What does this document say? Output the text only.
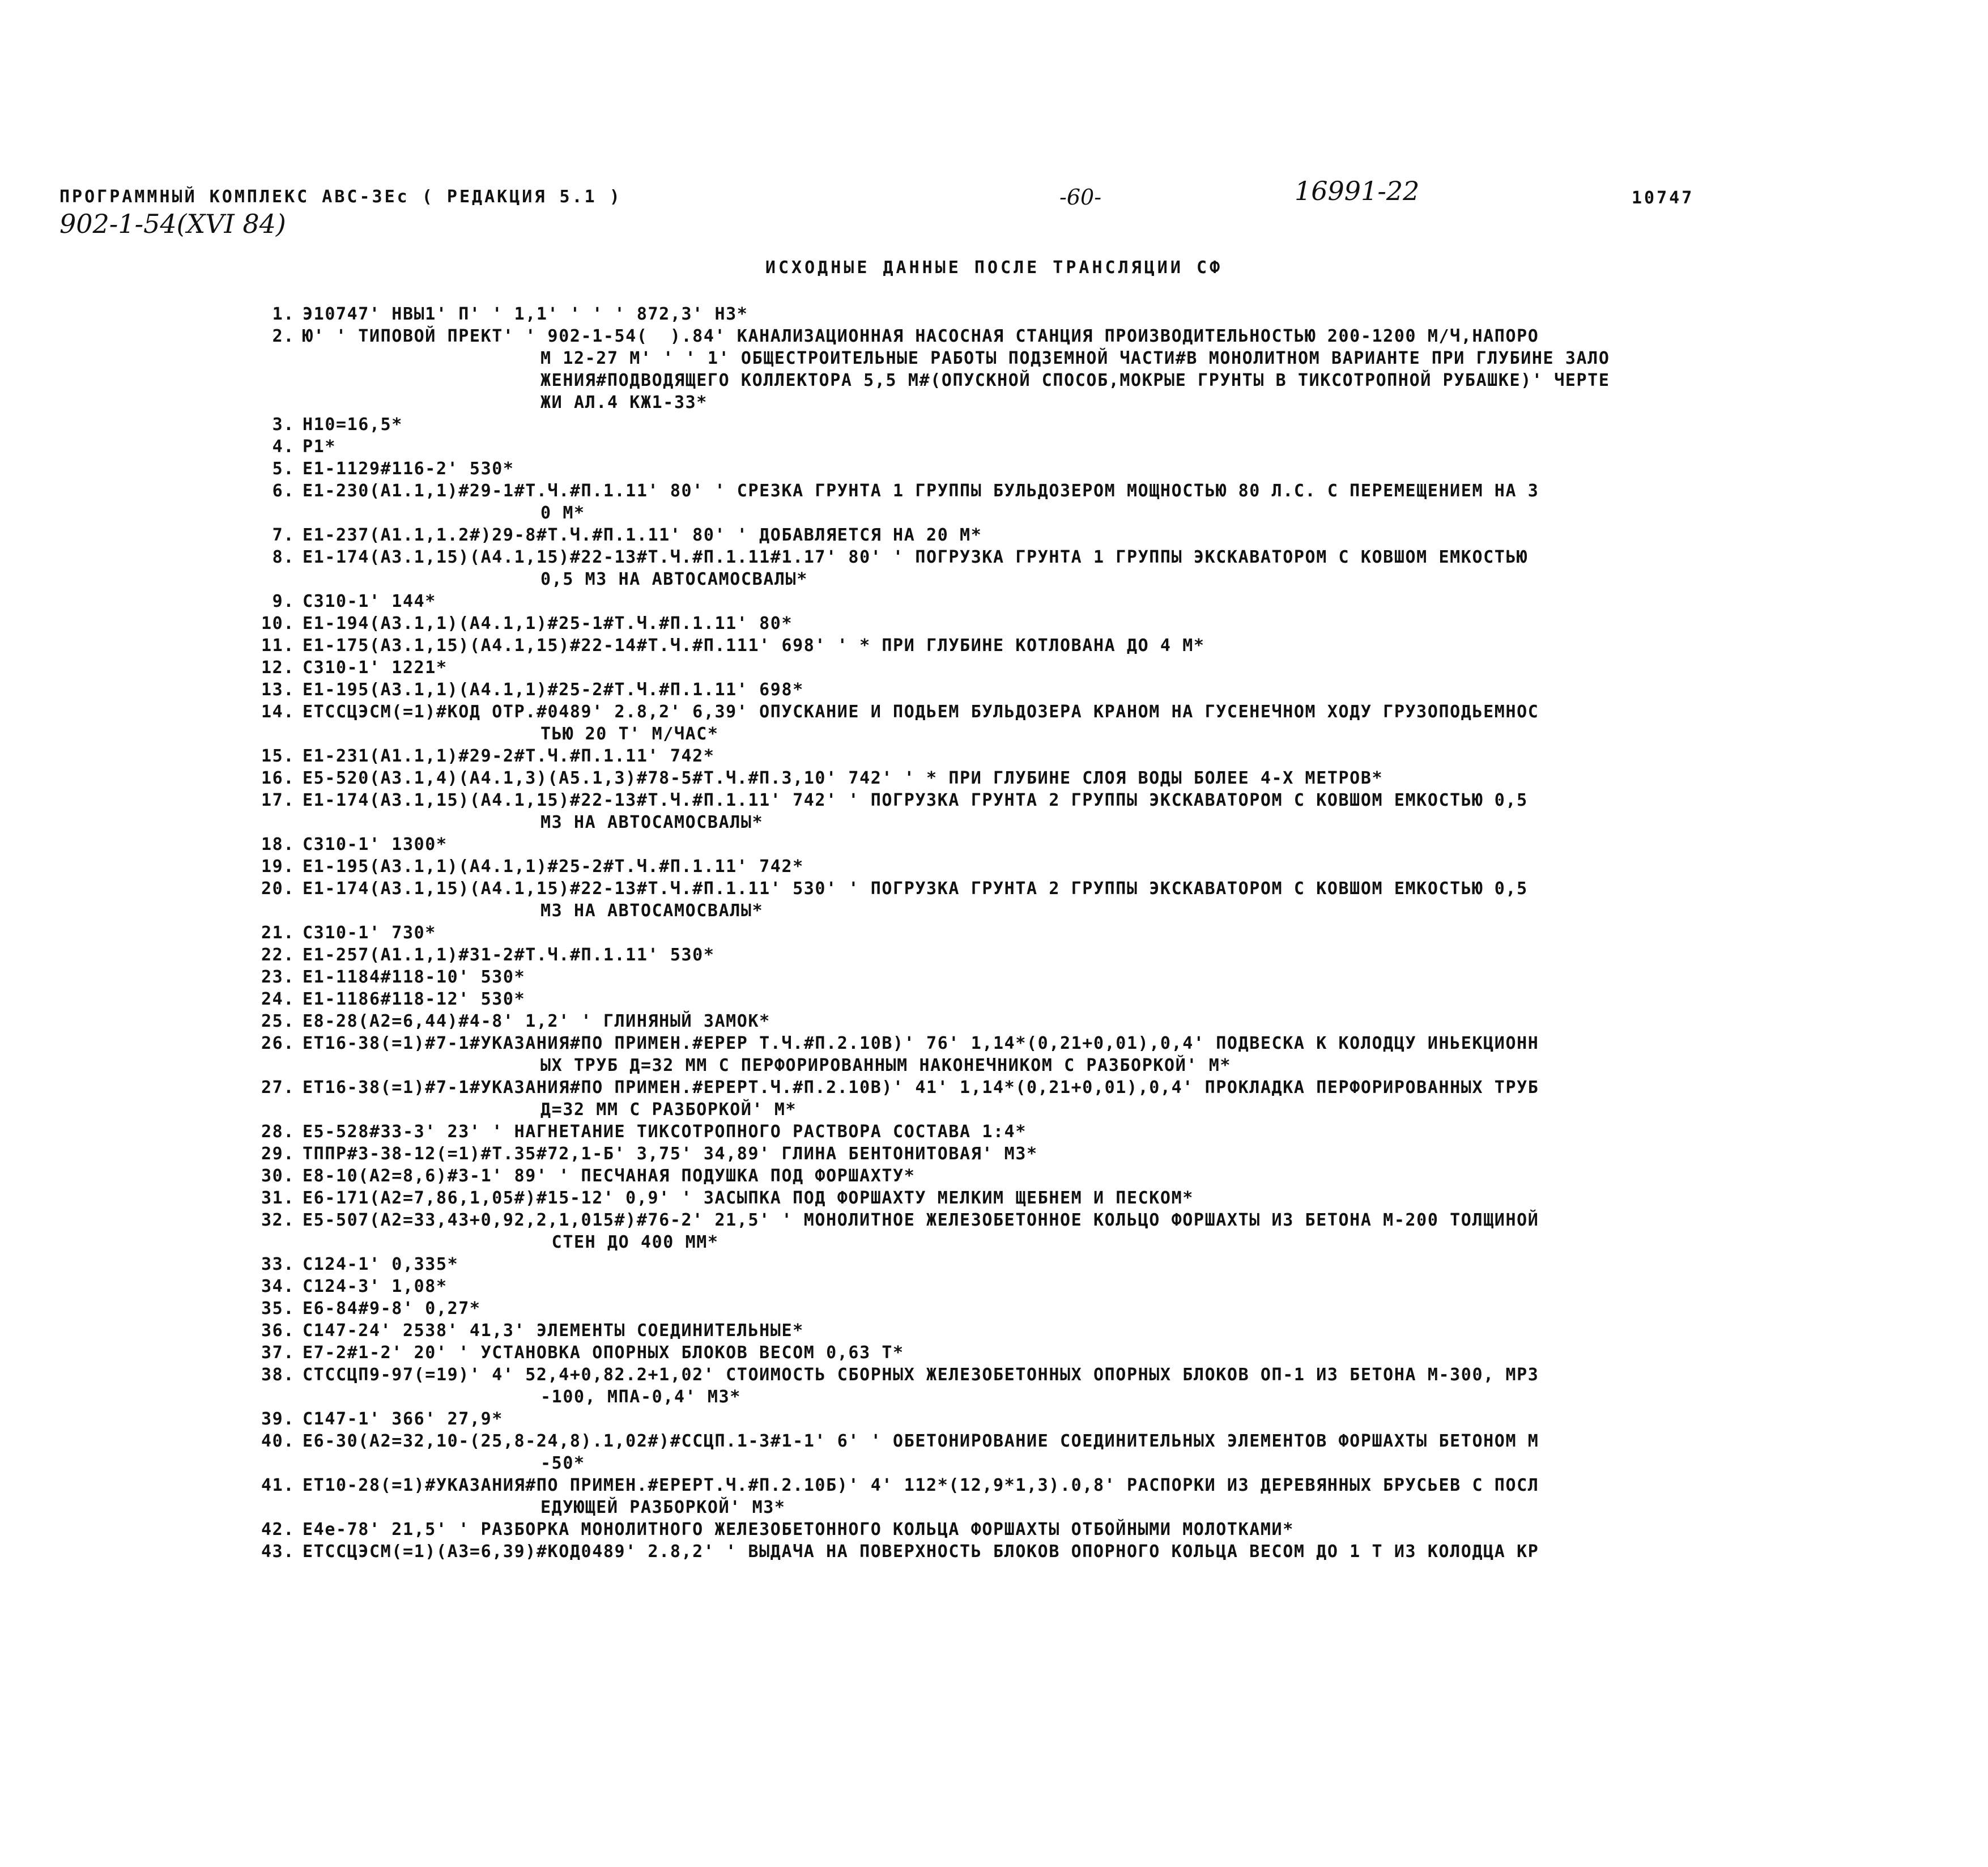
ПРОГРАММНЫЙ КОМПЛЕКС АВС-3Ес ( РЕДАКЦИЯ 5.1 )	-60-	16991-22	10747
902-1-54(XVI 84)
ИСХОДНЫЕ ДАННЫЕ ПОСЛЕ ТРАНСЛЯЦИИ СФ
1. Э10747' НВЫ1' П' ' 1,1' ' ' ' 872,3' Н3*
2. Ю' ' ТИПОВОЙ ПРЕКТ' ' 902-1-54(  ).84' КАНАЛИЗАЦИОННАЯ НАСОСНАЯ СТАНЦИЯ ПРОИЗВОДИТЕЛЬНОСТЬЮ 200-1200 М/Ч,НАПОРО
М 12-27 М' ' ' 1' ОБЩЕСТРОИТЕЛЬНЫЕ РАБОТЫ ПОДЗЕМНОЙ ЧАСТИ#В МОНОЛИТНОМ ВАРИАНТЕ ПРИ ГЛУБИНЕ ЗАЛО
ЖЕНИЯ#ПОДВОДЯЩЕГО КОЛЛЕКТОРА 5,5 М#(ОПУСКНОЙ СПОСОБ,МОКРЫЕ ГРУНТЫ В ТИКСОТРОПНОЙ РУБАШКЕ)' ЧЕРТЕ
ЖИ АЛ.4 КЖ1-33*
3. Н10=16,5*
4. Р1*
5. Е1-1129#116-2' 530*
6. Е1-230(А1.1,1)#29-1#Т.Ч.#П.1.11' 80' ' СРЕЗКА ГРУНТА 1 ГРУППЫ БУЛЬДОЗЕРОМ МОЩНОСТЬЮ 80 Л.С. С ПЕРЕМЕЩЕНИЕМ НА 3
0 М*
7. Е1-237(А1.1,1.2#)29-8#Т.Ч.#П.1.11' 80' ' ДОБАВЛЯЕТСЯ НА 20 М*
8. Е1-174(А3.1,15)(А4.1,15)#22-13#Т.Ч.#П.1.11#1.17' 80' ' ПОГРУЗКА ГРУНТА 1 ГРУППЫ ЭКСКАВАТОРОМ С КОВШОМ ЕМКОСТЬЮ
0,5 М3 НА АВТОСАМОСВАЛЫ*
9. С310-1' 144*
10. Е1-194(А3.1,1)(А4.1,1)#25-1#Т.Ч.#П.1.11' 80*
11. Е1-175(А3.1,15)(А4.1,15)#22-14#Т.Ч.#П.111' 698' ' * ПРИ ГЛУБИНЕ КОТЛОВАНА ДО 4 М*
12. С310-1' 1221*
13. Е1-195(А3.1,1)(А4.1,1)#25-2#Т.Ч.#П.1.11' 698*
14. ЕТССЦЭСМ(=1)#КОД ОТР.#0489' 2.8,2' 6,39' ОПУСКАНИЕ И ПОДЬЕМ БУЛЬДОЗЕРА КРАНОМ НА ГУСЕНЕЧНОМ ХОДУ ГРУЗОПОДЬЕМНОС
ТЬЮ 20 Т' М/ЧАС*
15. Е1-231(А1.1,1)#29-2#Т.Ч.#П.1.11' 742*
16. Е5-520(А3.1,4)(А4.1,3)(А5.1,3)#78-5#Т.Ч.#П.3,10' 742' ' * ПРИ ГЛУБИНЕ СЛОЯ ВОДЫ БОЛЕЕ 4-Х МЕТРОВ*
17. Е1-174(А3.1,15)(А4.1,15)#22-13#Т.Ч.#П.1.11' 742' ' ПОГРУЗКА ГРУНТА 2 ГРУППЫ ЭКСКАВАТОРОМ С КОВШОМ ЕМКОСТЬЮ 0,5
М3 НА АВТОСАМОСВАЛЫ*
18. С310-1' 1300*
19. Е1-195(А3.1,1)(А4.1,1)#25-2#Т.Ч.#П.1.11' 742*
20. Е1-174(А3.1,15)(А4.1,15)#22-13#Т.Ч.#П.1.11' 530' ' ПОГРУЗКА ГРУНТА 2 ГРУППЫ ЭКСКАВАТОРОМ С КОВШОМ ЕМКОСТЬЮ 0,5
М3 НА АВТОСАМОСВАЛЫ*
21. С310-1' 730*
22. Е1-257(А1.1,1)#31-2#Т.Ч.#П.1.11' 530*
23. Е1-1184#118-10' 530*
24. Е1-1186#118-12' 530*
25. Е8-28(А2=6,44)#4-8' 1,2' ' ГЛИНЯНЫЙ ЗАМОК*
26. ЕТ16-38(=1)#7-1#УКАЗАНИЯ#ПО ПРИМЕН.#ЕРЕР Т.Ч.#П.2.10В)' 76' 1,14*(0,21+0,01),0,4' ПОДВЕСКА К КОЛОДЦУ ИНЬЕКЦИОНН
ЫХ ТРУБ Д=32 ММ С ПЕРФОРИРОВАННЫМ НАКОНЕЧНИКОМ С РАЗБОРКОЙ' М*
27. ЕТ16-38(=1)#7-1#УКАЗАНИЯ#ПО ПРИМЕН.#ЕРЕРТ.Ч.#П.2.10В)' 41' 1,14*(0,21+0,01),0,4' ПРОКЛАДКА ПЕРФОРИРОВАННЫХ ТРУБ
Д=32 ММ С РАЗБОРКОЙ' М*
28. Е5-528#33-3' 23' ' НАГНЕТАНИЕ ТИКСОТРОПНОГО РАСТВОРА СОСТАВА 1:4*
29. ТППР#3-38-12(=1)#Т.35#72,1-Б' 3,75' 34,89' ГЛИНА БЕНТОНИТОВАЯ' М3*
30. Е8-10(А2=8,6)#3-1' 89' ' ПЕСЧАНАЯ ПОДУШКА ПОД ФОРШАХТУ*
31. Е6-171(А2=7,86,1,05#)#15-12' 0,9' ' ЗАСЫПКА ПОД ФОРШАХТУ МЕЛКИМ ЩЕБНЕМ И ПЕСКОМ*
32. Е5-507(А2=33,43+0,92,2,1,015#)#76-2' 21,5' ' МОНОЛИТНОЕ ЖЕЛЕЗОБЕТОННОЕ КОЛЬЦО ФОРШАХТЫ ИЗ БЕТОНА М-200 ТОЛЩИНОЙ
СТЕН ДО 400 ММ*
33. С124-1' 0,335*
34. С124-3' 1,08*
35. Е6-84#9-8' 0,27*
36. С147-24' 2538' 41,3' ЭЛЕМЕНТЫ СОЕДИНИТЕЛЬНЫЕ*
37. Е7-2#1-2' 20' ' УСТАНОВКА ОПОРНЫХ БЛОКОВ ВЕСОМ 0,63 Т*
38. СТССЦП9-97(=19)' 4' 52,4+0,82.2+1,02' СТОИМОСТЬ СБОРНЫХ ЖЕЛЕЗОБЕТОННЫХ ОПОРНЫХ БЛОКОВ ОП-1 ИЗ БЕТОНА М-300, МРЗ
-100, МПА-0,4' М3*
39. С147-1' 366' 27,9*
40. Е6-30(А2=32,10-(25,8-24,8).1,02#)#ССЦП.1-3#1-1' 6' ' ОБЕТОНИРОВАНИЕ СОЕДИНИТЕЛЬНЫХ ЭЛЕМЕНТОВ ФОРШАХТЫ БЕТОНОМ М
-50*
41. ЕТ10-28(=1)#УКАЗАНИЯ#ПО ПРИМЕН.#ЕРЕРТ.Ч.#П.2.10Б)' 4' 112*(12,9*1,3).0,8' РАСПОРКИ ИЗ ДЕРЕВЯННЫХ БРУСЬЕВ С ПОСЛ
ЕДУЮЩЕЙ РАЗБОРКОЙ' М3*
42. Е4е-78' 21,5' ' РАЗБОРКА МОНОЛИТНОГО ЖЕЛЕЗОБЕТОННОГО КОЛЬЦА ФОРШАХТЫ ОТБОЙНЫМИ МОЛОТКАМИ*
43. ЕТССЦЭСМ(=1)(А3=6,39)#КОД0489' 2.8,2' ' ВЫДАЧА НА ПОВЕРХНОСТЬ БЛОКОВ ОПОРНОГО КОЛЬЦА ВЕСОМ ДО 1 Т ИЗ КОЛОДЦА КР
